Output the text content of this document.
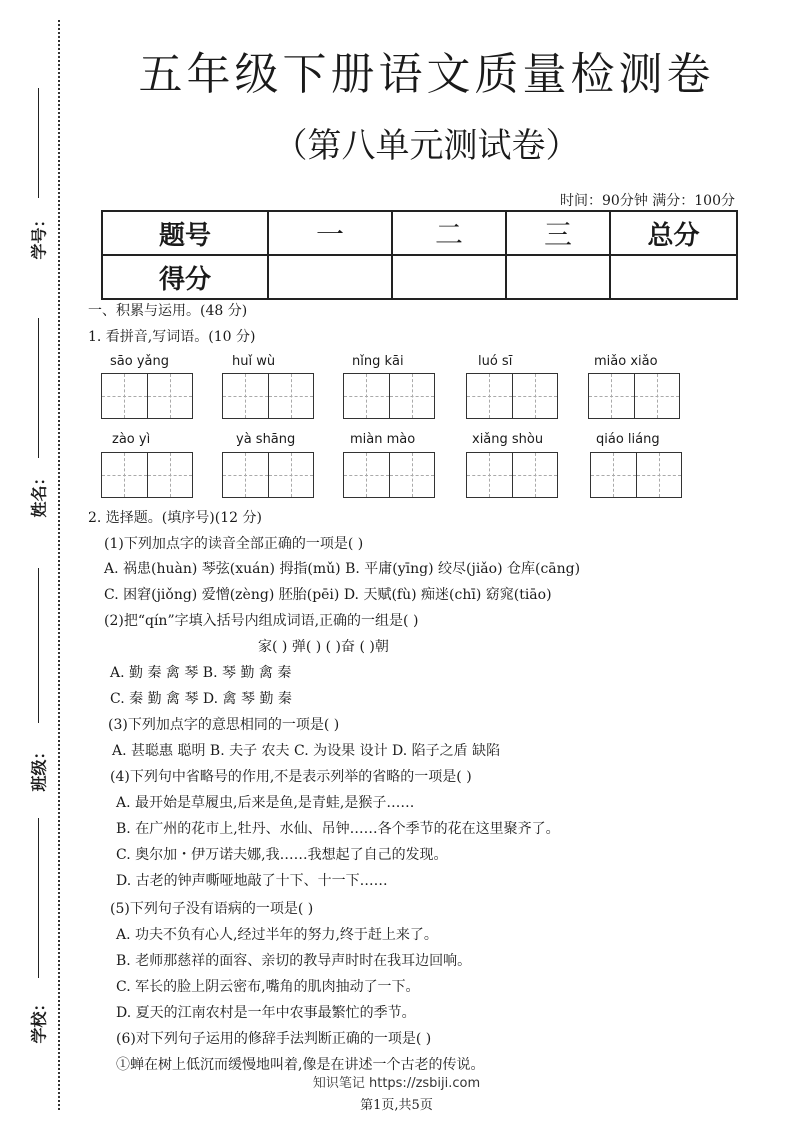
学号：
姓名：
班级：
学校：
五年级下册语文质量检测卷
（第八单元测试卷）
时间：90分钟 满分：100分
题号	一	二	三	总分
得分				
一、积累与运用。(48 分)
1. 看拼音,写词语。(10 分)
sāo yǎng	huǐ wù	nǐng kāi	luó sī	miǎo xiǎo
zào yì	yà shāng	miàn mào	xiǎng shòu	qiáo liáng
2. 选择题。(填序号)(12 分)
(1)下列加点字的读音全部正确的一项是( )
A. 祸患(huàn) 琴弦(xuán) 拇指(mǔ) B. 平庸(yīng) 绞尽(jiǎo) 仓库(cāng)
C. 困窘(jiǒng) 爱憎(zèng) 胚胎(pēi) D. 天赋(fù) 痴迷(chī) 窈窕(tiāo)
(2)把“qín”字填入括号内组成词语,正确的一组是( )
家( ) 弹( ) ( )奋 ( )朝
A. 勤 秦 禽 琴 B. 琴 勤 禽 秦
C. 秦 勤 禽 琴 D. 禽 琴 勤 秦
(3)下列加点字的意思相同的一项是( )
A. 甚聪惠 聪明 B. 夫子 农夫 C. 为设果 设计 D. 陷子之盾 缺陷
(4)下列句中省略号的作用,不是表示列举的省略的一项是( )
A. 最开始是草履虫,后来是鱼,是青蛙,是猴子……
B. 在广州的花市上,牡丹、水仙、吊钟……各个季节的花在这里聚齐了。
C. 奥尔加・伊万诺夫娜,我……我想起了自己的发现。
D. 古老的钟声嘶哑地敲了十下、十一下……
(5)下列句子没有语病的一项是( )
A. 功夫不负有心人,经过半年的努力,终于赶上来了。
B. 老师那慈祥的面容、亲切的教导声时时在我耳边回响。
C. 军长的脸上阴云密布,嘴角的肌肉抽动了一下。
D. 夏天的江南农村是一年中农事最繁忙的季节。
(6)对下列句子运用的修辞手法判断正确的一项是( )
①蝉在树上低沉而缓慢地叫着,像是在讲述一个古老的传说。
知识笔记 https://zsbiji.com
第1页,共5页
